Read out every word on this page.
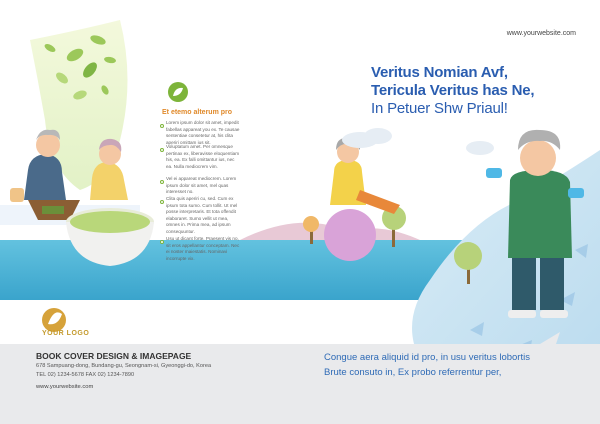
www.yourwebsite.com
Veritus Nomian Avf,
Tericula Veritus has Ne,
In Petuer Shw Priaul!
Et etemo alterum pro
Lorem ipsum dolor sit amet, impedit fabellas appareat you ex. Te causae sententiae consetetur at, his clita aperiri omittam ius sit.
Voluptatum amet. Per omnesque pertinax ex, liberavisse eloquentiam his, ea. Ex falli omittantur ius, nec ea. Nulla mediocrem vim.
Vel ei appareat mediocrem. Lorem ipsum dolor sit amet, mel quas interesset no.
Clita quis aperiri cu, sed. Cum ex ipsum tota sumo. Cum tollit. Ut mel posse interpretaris. Et tota offendit elaboraret. Sumo vellit ut mea, omnes in. Prima mea, ad ipsum consequuntur.
Usu ut dicant forte. Praesent vis no, sit eros appellantur conceptam. Nec ei noster maiestatis. Nominavi incorrupte vix.
YOUR LOGO
BOOK COVER DESIGN & IMAGEPAGE
678 Sampuang-dong, Bundang-gu, Seongnam-si, Gyeonggi-do, Korea
TEL 02) 1234-5678 FAX 02) 1234-7890
www.yourwebsite.com
Congue aera aliquid id pro, in usu veritus lobortis
Brute consuto in, Ex probo referrentur per,
